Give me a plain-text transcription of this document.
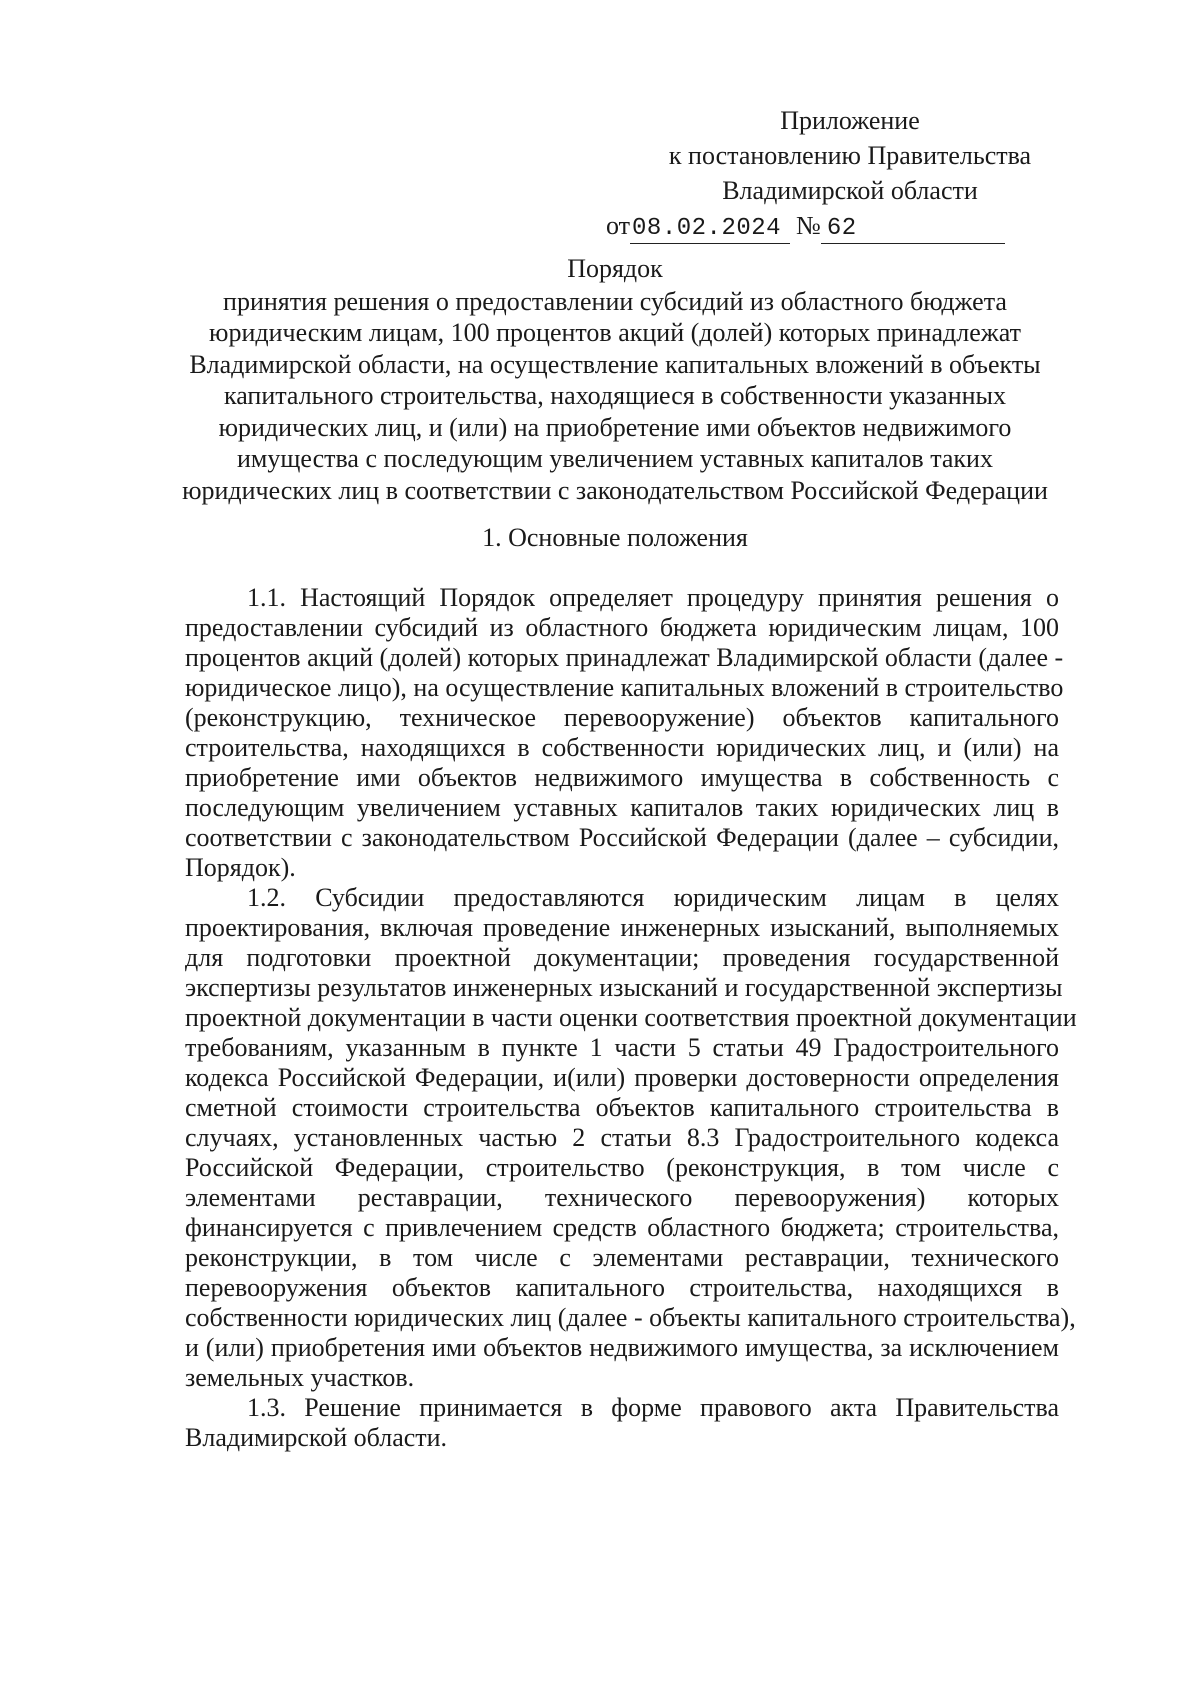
Приложение
к постановлению Правительства
Владимирской области
от08.02.2024 № 62
Порядок
принятия решения о предоставлении субсидий из областного бюджета
юридическим лицам, 100 процентов акций (долей) которых принадлежат
Владимирской области, на осуществление капитальных вложений в объекты
капитального строительства, находящиеся в собственности указанных
юридических лиц, и (или) на приобретение ими объектов недвижимого
имущества с последующим увеличением уставных капиталов таких
юридических лиц в соответствии с законодательством Российской Федерации
1. Основные положения
1.1. Настоящий Порядок определяет процедуру принятия решения о
предоставлении субсидий из областного бюджета юридическим лицам, 100
процентов акций (долей) которых принадлежат Владимирской области (далее -
юридическое лицо), на осуществление капитальных вложений в строительство
(реконструкцию, техническое перевооружение) объектов капитального
строительства, находящихся в собственности юридических лиц, и (или) на
приобретение ими объектов недвижимого имущества в собственность с
последующим увеличением уставных капиталов таких юридических лиц в
соответствии с законодательством Российской Федерации (далее – субсидии,
Порядок).
1.2. Субсидии предоставляются юридическим лицам в целях
проектирования, включая проведение инженерных изысканий, выполняемых
для подготовки проектной документации; проведения государственной
экспертизы результатов инженерных изысканий и государственной экспертизы
проектной документации в части оценки соответствия проектной документации
требованиям, указанным в пункте 1 части 5 статьи 49 Градостроительного
кодекса Российской Федерации, и(или) проверки достоверности определения
сметной стоимости строительства объектов капитального строительства в
случаях, установленных частью 2 статьи 8.3 Градостроительного кодекса
Российской Федерации, строительство (реконструкция, в том числе с
элементами реставрации, технического перевооружения) которых
финансируется с привлечением средств областного бюджета; строительства,
реконструкции, в том числе с элементами реставрации, технического
перевооружения объектов капитального строительства, находящихся в
собственности юридических лиц (далее - объекты капитального строительства),
и (или) приобретения ими объектов недвижимого имущества, за исключением
земельных участков.
1.3. Решение принимается в форме правового акта Правительства
Владимирской области.
